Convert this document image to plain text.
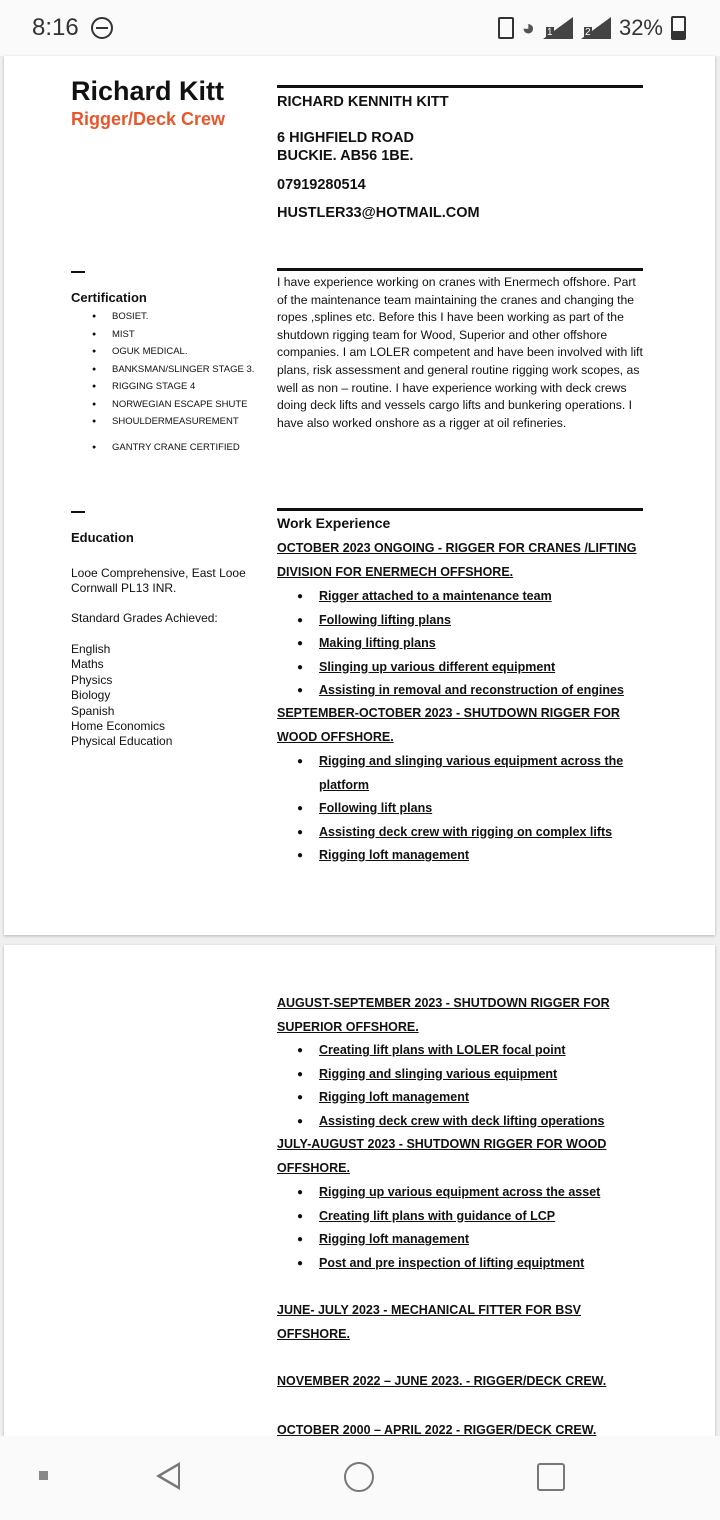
8:16	◕ 1	2 32%
Richard Kitt
Rigger/Deck Crew
RICHARD KENNITH KITT
6 HIGHFIELD ROAD
BUCKIE. AB56 1BE.
07919280514
HUSTLER33@HOTMAIL.COM
Certification
● BOSIET.
● MIST
● OGUK MEDICAL.
● BANKSMAN/SLINGER STAGE 3.
● RIGGING STAGE 4
● NORWEGIAN ESCAPE SHUTE
● SHOULDERMEASUREMENT
● GANTRY CRANE CERTIFIED
I have experience working on cranes with Enermech offshore. Part of the maintenance team maintaining the cranes and changing the ropes ,splines etc. Before this I have been working as part of the shutdown rigging team for Wood, Superior and other offshore companies. I am LOLER competent and have been involved with lift plans, risk assessment and general routine rigging work scopes, as well as non – routine. I have experience working with deck crews doing deck lifts and vessels cargo lifts and bunkering operations. I have also worked onshore as a rigger at oil refineries.
Education
Looe Comprehensive, East Looe
Cornwall PL13 INR.
Standard Grades Achieved:
English
Maths
Physics
Biology
Spanish
Home Economics
Physical Education
Work Experience
OCTOBER 2023 ONGOING - RIGGER FOR CRANES /LIFTING DIVISION FOR ENERMECH OFFSHORE.
● Rigger attached to a maintenance team
● Following lifting plans
● Making lifting plans
● Slinging up various different equipment
● Assisting in removal and reconstruction of engines
SEPTEMBER-OCTOBER 2023 - SHUTDOWN RIGGER FOR WOOD OFFSHORE.
● Rigging and slinging various equipment across the platform
● Following lift plans
● Assisting deck crew with rigging on complex lifts
● Rigging loft management
AUGUST-SEPTEMBER 2023 - SHUTDOWN RIGGER FOR SUPERIOR OFFSHORE.
● Creating lift plans with LOLER focal point
● Rigging and slinging various equipment
● Rigging loft management
● Assisting deck crew with deck lifting operations
JULY-AUGUST 2023 - SHUTDOWN RIGGER FOR WOOD OFFSHORE.
● Rigging up various equipment across the asset
● Creating lift plans with guidance of LCP
● Rigging loft management
● Post and pre inspection of lifting equiptment
JUNE- JULY 2023 - MECHANICAL FITTER FOR BSV OFFSHORE.
NOVEMBER 2022 – JUNE 2023. - RIGGER/DECK CREW.
OCTOBER 2000 – APRIL 2022 - RIGGER/DECK CREW.
